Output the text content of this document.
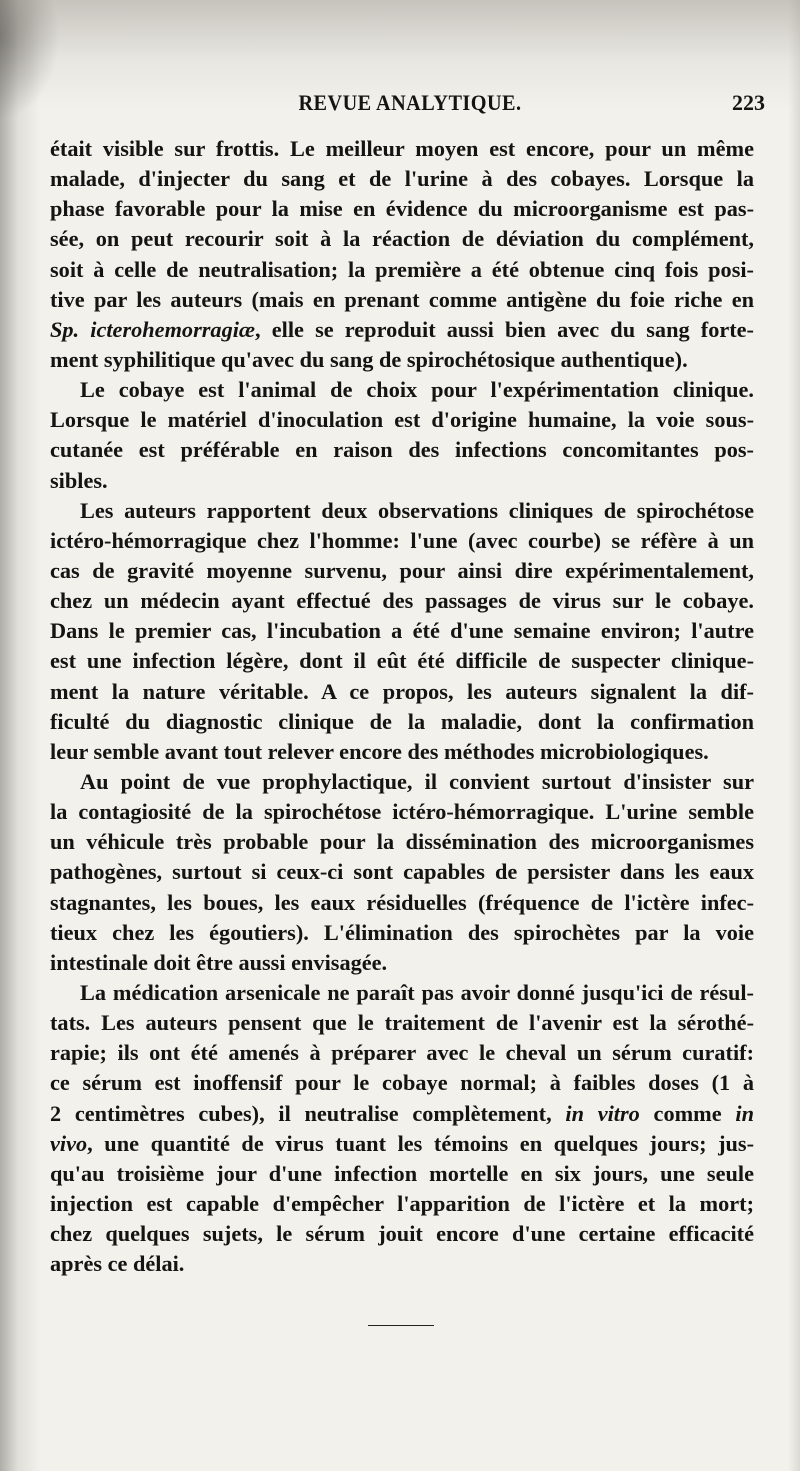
REVUE ANALYTIQUE.	223
était visible sur frottis. Le meilleur moyen est encore, pour un même
malade, d'injecter du sang et de l'urine à des cobayes. Lorsque la
phase favorable pour la mise en évidence du microorganisme est pas-
sée, on peut recourir soit à la réaction de déviation du complément,
soit à celle de neutralisation; la première a été obtenue cinq fois posi-
tive par les auteurs (mais en prenant comme antigène du foie riche en
Sp. icterohemorragiæ, elle se reproduit aussi bien avec du sang forte-
ment syphilitique qu'avec du sang de spirochétosique authentique).
Le cobaye est l'animal de choix pour l'expérimentation clinique.
Lorsque le matériel d'inoculation est d'origine humaine, la voie sous-
cutanée est préférable en raison des infections concomitantes pos-
sibles.
Les auteurs rapportent deux observations cliniques de spirochétose
ictéro-hémorragique chez l'homme: l'une (avec courbe) se réfère à un
cas de gravité moyenne survenu, pour ainsi dire expérimentalement,
chez un médecin ayant effectué des passages de virus sur le cobaye.
Dans le premier cas, l'incubation a été d'une semaine environ; l'autre
est une infection légère, dont il eût été difficile de suspecter clinique-
ment la nature véritable. A ce propos, les auteurs signalent la dif-
ficulté du diagnostic clinique de la maladie, dont la confirmation
leur semble avant tout relever encore des méthodes microbiologiques.
Au point de vue prophylactique, il convient surtout d'insister sur
la contagiosité de la spirochétose ictéro-hémorragique. L'urine semble
un véhicule très probable pour la dissémination des microorganismes
pathogènes, surtout si ceux-ci sont capables de persister dans les eaux
stagnantes, les boues, les eaux résiduelles (fréquence de l'ictère infec-
tieux chez les égoutiers). L'élimination des spirochètes par la voie
intestinale doit être aussi envisagée.
La médication arsenicale ne paraît pas avoir donné jusqu'ici de résul-
tats. Les auteurs pensent que le traitement de l'avenir est la sérothé-
rapie; ils ont été amenés à préparer avec le cheval un sérum curatif:
ce sérum est inoffensif pour le cobaye normal; à faibles doses (1 à
2 centimètres cubes), il neutralise complètement, in vitro comme in
vivo, une quantité de virus tuant les témoins en quelques jours; jus-
qu'au troisième jour d'une infection mortelle en six jours, une seule
injection est capable d'empêcher l'apparition de l'ictère et la mort;
chez quelques sujets, le sérum jouit encore d'une certaine efficacité
après ce délai.
